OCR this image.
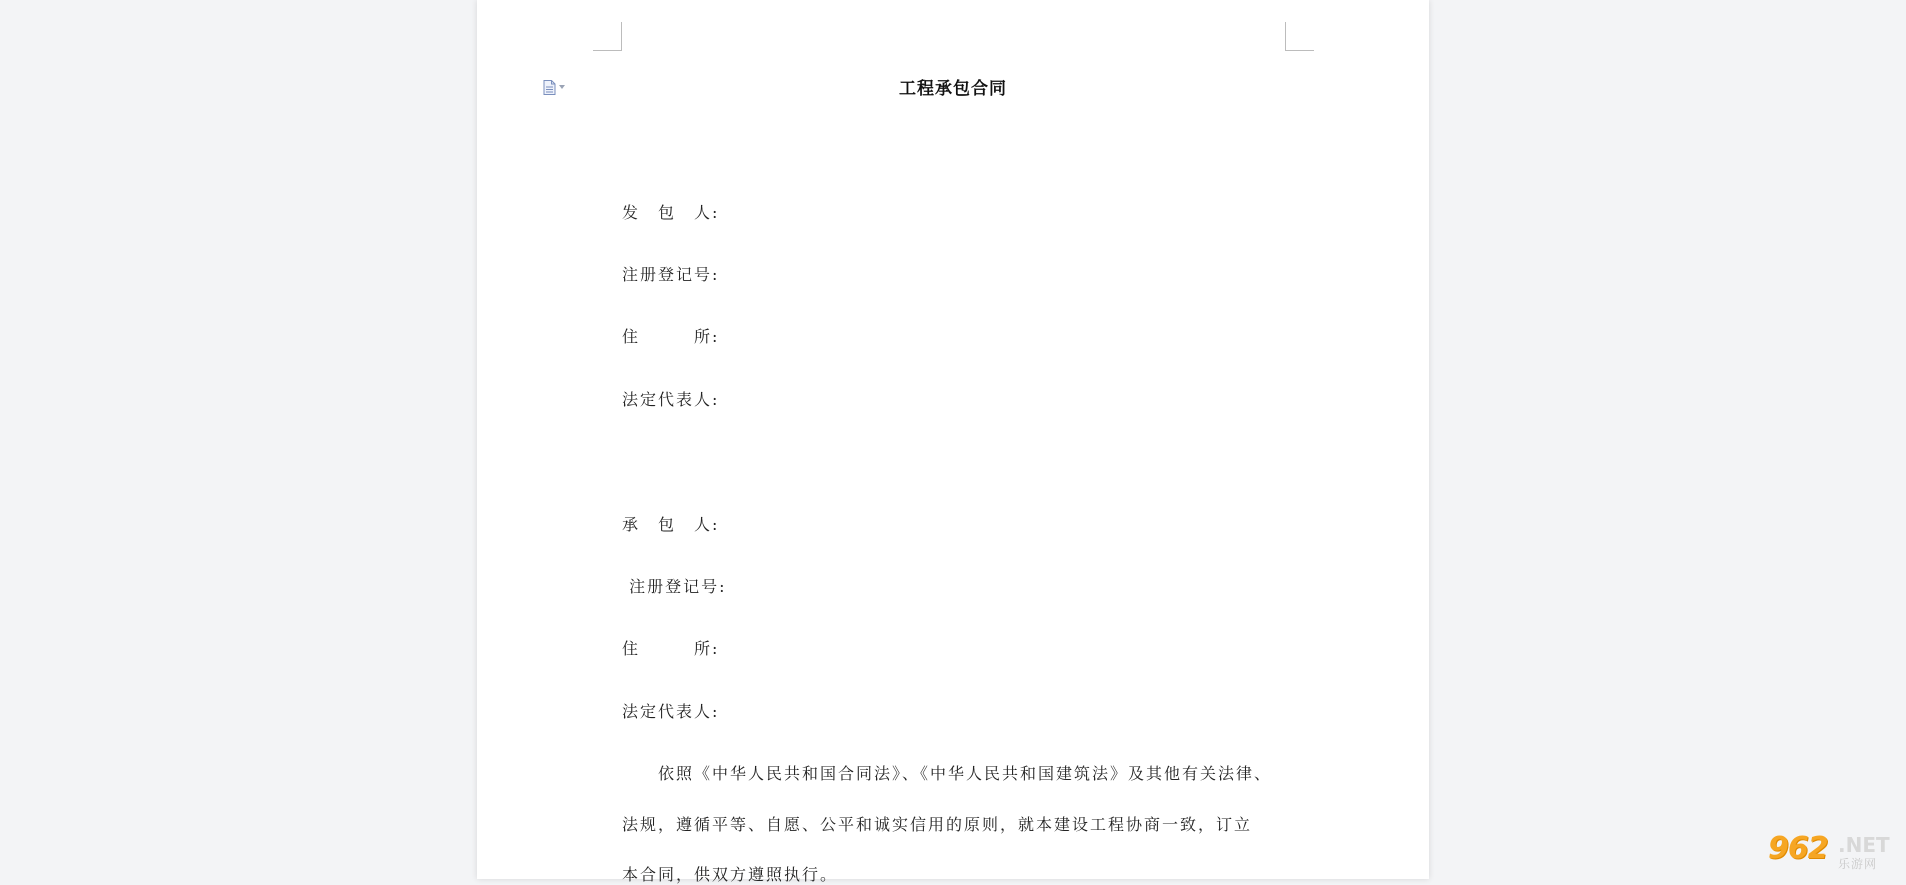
工程承包合同
发　包　人:
注册登记号:
住　　　所:
法定代表人:
承　包　人:
注册登记号:
住　　　所:
法定代表人:
　　依照《中华人民共和国合同法》、《中华人民共和国建筑法》及其他有关法律、
法规，遵循平等、自愿、公平和诚实信用的原则，就本建设工程协商一致，订立
本合同，供双方遵照执行。
962 .NET
乐游网
